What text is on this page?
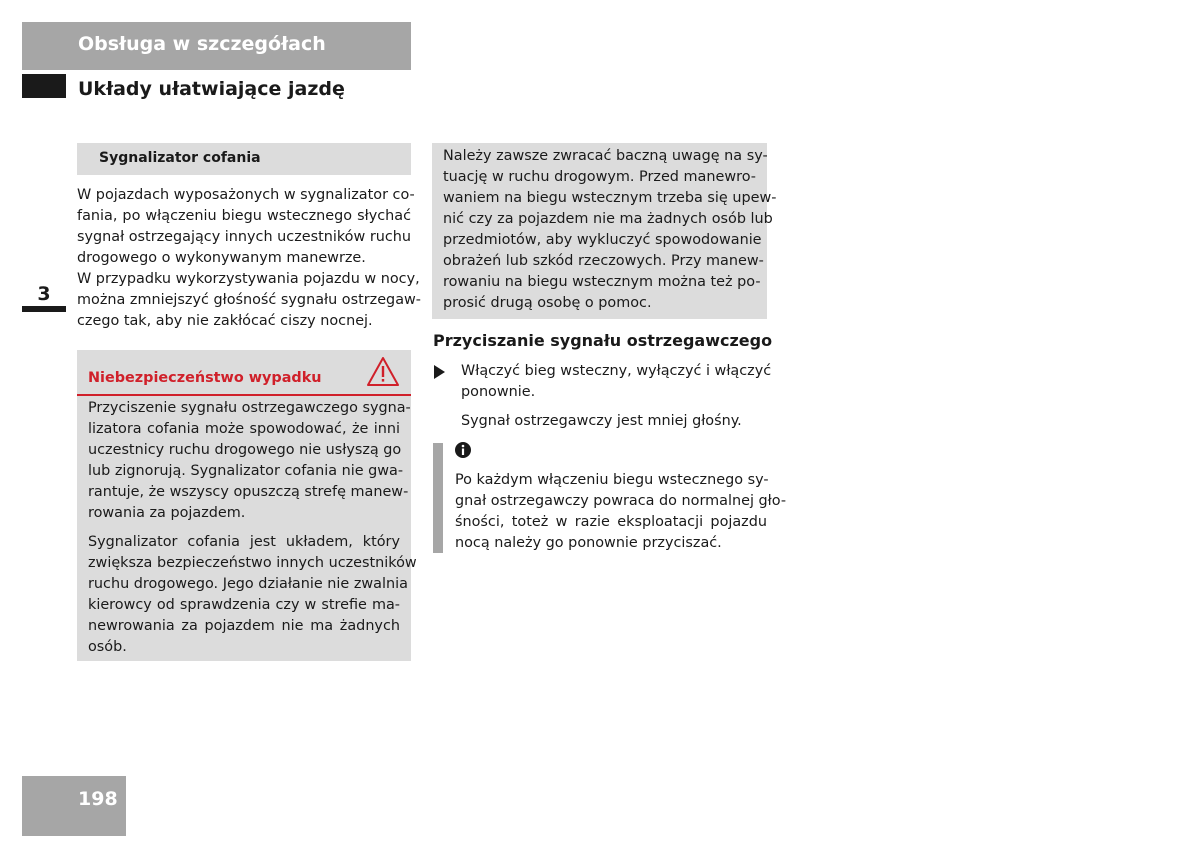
Obsługa w szczegółach
Układy ułatwiające jazdę
3
Sygnalizator cofania
W pojazdach wyposażonych w sygnalizator co-
fania, po włączeniu biegu wstecznego słychać
sygnał ostrzegający innych uczestników ruchu
drogowego o wykonywanym manewrze.
W przypadku wykorzystywania pojazdu w nocy,
można zmniejszyć głośność sygnału ostrzegaw-
czego tak, aby nie zakłócać ciszy nocnej.
Niebezpieczeństwo wypadku
Przyciszenie sygnału ostrzegawczego sygna-
lizatora cofania może spowodować, że inni
uczestnicy ruchu drogowego nie usłyszą go
lub zignorują. Sygnalizator cofania nie gwa-
rantuje, że wszyscy opuszczą strefę manew-
rowania za pojazdem.
Sygnalizator cofania jest układem, który
zwiększa bezpieczeństwo innych uczestników
ruchu drogowego. Jego działanie nie zwalnia
kierowcy od sprawdzenia czy w strefie ma-
newrowania za pojazdem nie ma żadnych
osób.
Należy zawsze zwracać baczną uwagę na sy-
tuację w ruchu drogowym. Przed manewro-
waniem na biegu wstecznym trzeba się upew-
nić czy za pojazdem nie ma żadnych osób lub
przedmiotów, aby wykluczyć spowodowanie
obrażeń lub szkód rzeczowych. Przy manew-
rowaniu na biegu wstecznym można też po-
prosić drugą osobę o pomoc.
Przyciszanie sygnału ostrzegawczego
Włączyć bieg wsteczny, wyłączyć i włączyć
ponownie.
Sygnał ostrzegawczy jest mniej głośny.
Po każdym włączeniu biegu wstecznego sy-
gnał ostrzegawczy powraca do normalnej gło-
śności, toteż w razie eksploatacji pojazdu
nocą należy go ponownie przyciszać.
198
